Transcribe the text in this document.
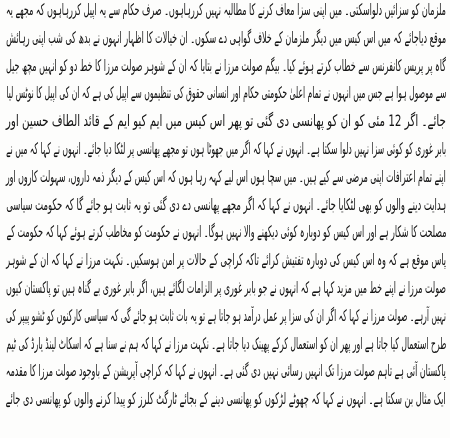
ملزمان کو سزائیں دلواسکتی۔ میں اپنی سزا معاف کرنے کا مطالبہ نہیں کررہاہوں۔ صرف حکام سے یہ اپیل کررہاہوں کہ مجھے یہ
موقع دیاجائے کہ میں اس کیس میں دیگر ملزمان کے خلاف گواہی دے سکوں۔ ان خیالات کا اظہار انہوں نے بدھ کی شب اپنی رہائش
گاہ پر پریس کانفرنس سے خطاب کرتے ہوئے کیا۔ بیگم صولت مرزا نے بتایا کہ ان کے شوہر صولت مرزا کا خط دو کو انہیں مچھ جیل
سے موصول ہوا ہے جس میں انہوں نے تمام اعلیٰ حکومتی حکام اور انسانی حقوق کی تنظیموں سے اپیل کی ہے کہ ان کی اپیل کا نوٹس لیا
جائے۔ اگر 12 مئی کو ان کو پھانسی دی گئی تو پھر اس کیس میں ایم کیو ایم کے قائد الطاف حسین اور
بابر غوری کو کوئی سزا نہیں دلوا سکتا ہے۔ انہوں نے کہا کہ اگر میں جھوٹا ہوں تو مجھے پھانسی پر لٹکا دیا جائے۔ انہوں نے کہا کہ میں نے
اپنے تمام اعترافات اپنی مرضی سے کیے ہیں۔ میں سچا ہوں اس لیے کہہ رہا ہوں کہ اس کیس کے دیگر ذمہ داروں، سہولت کاروں اور
ہدایت دینے والوں کو بھی لٹکایا جائے۔ انہوں نے کہا کہ اگر مجھے پھانسی دے دی گئی تو یہ ثابت ہو جائے گا کہ حکومت سیاسی
مصلحت کا شکار ہے اور اس کیس کو دوبارہ کوئی دیکھنے والا نہیں ہوگا۔ انہوں نے حکومت کو مخاطب کرتے ہوئے کہا کہ حکومت کے
پاس موقع ہے کہ وہ اس کیس کی دوبارہ تفتیش کرائے تاکہ کراچی کے حالات پر امن ہوسکیں۔ نکہت مرزا نے کہا کہ ان کے شوہر
صولت مرزا نے اپنے خط میں مزید کہا ہے کہ انہوں نے جو بابر غوری پر الزامات لگائے ہیں، اگر بابر غوری بے گناہ ہیں تو پاکستان کیوں
نہیں آرہے۔ صولت مرزا نے کہا کہ اگر ان کی سزا پر عمل درآمد ہو جاتا ہے تو یہ بات ثابت ہو جائے گی کہ سیاسی کارکنوں کو ٹشو پیپر کی
طرح استعمال کیا جاتا ہے اور پھر ان کو استعمال کرکے پھینک دیا جاتا ہے۔ نکہت مرزا نے کہا کہ ہم نے سنا ہے کہ اسکاٹ لینڈ یارڈ کی ٹیم
پاکستان آئی ہے تاہم صولت مرزا تک انہیں رسائی نہیں دی گئی ہے۔ انہوں نے کہا کہ کراچی آپریشن کے باوجود صولت مرزا کا مقدمہ
ایک مثال بن سکتا ہے۔ انہوں نے کہا کہ چھوٹے لڑکوں کو پھانسی دینے کے بجائے ٹارگٹ کلرز کو پیدا کرنے والوں کو پھانسی دی جائے
